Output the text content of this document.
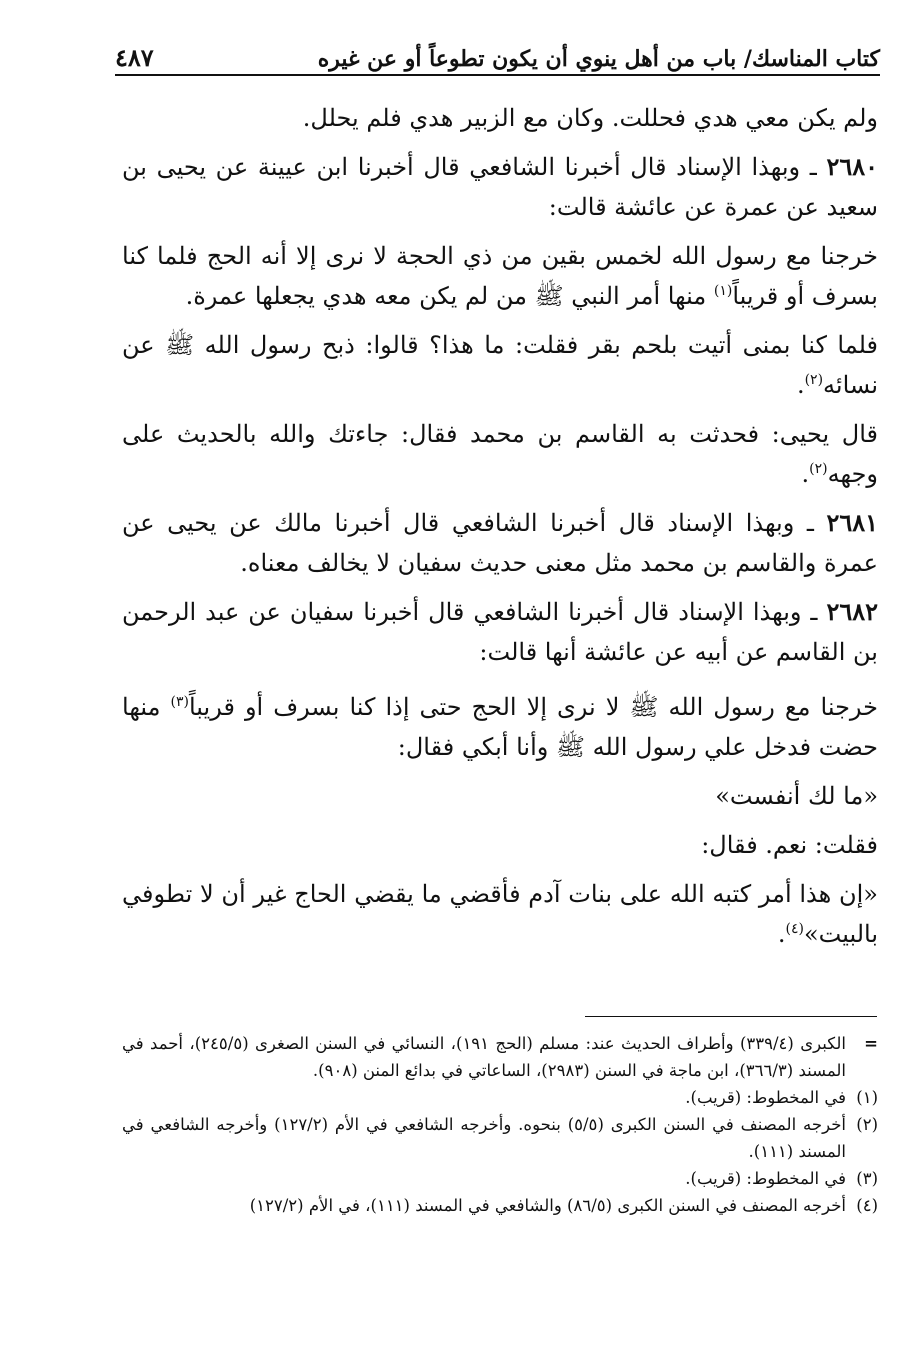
كتاب المناسك/ باب من أهل ينوي أن يكون تطوعاً أو عن غيره
٤٨٧

ولم يكن معي هدي فحللت. وكان مع الزبير هدي فلم يحلل.

٢٦٨٠ ـ وبهذا الإسناد قال أخبرنا الشافعي قال أخبرنا ابن عيينة عن يحيى بن سعيد عن عمرة عن عائشة قالت:

خرجنا مع رسول الله لخمس بقين من ذي الحجة لا نرى إلا أنه الحج فلما كنا بسرف أو قريباً$^{(١)}$ منها أمر النبي ﷺ من لم يكن معه هدي يجعلها عمرة.

فلما كنا بمنى أتيت بلحم بقر فقلت: ما هذا؟ قالوا: ذبح رسول الله ﷺ عن نسائه$^{(٢)}$.

قال يحيى: فحدثت به القاسم بن محمد فقال: جاءتك والله بالحديث على وجهه$^{(٢)}$.

٢٦٨١ ـ وبهذا الإسناد قال أخبرنا الشافعي قال أخبرنا مالك عن يحيى عن عمرة والقاسم بن محمد مثل معنى حديث سفيان لا يخالف معناه.

٢٦٨٢ ـ وبهذا الإسناد قال أخبرنا الشافعي قال أخبرنا سفيان عن عبد الرحمن بن القاسم عن أبيه عن عائشة أنها قالت:

خرجنا مع رسول الله ﷺ لا نرى إلا الحج حتى إذا كنا بسرف أو قريباً$^{(٣)}$ منها حضت فدخل علي رسول الله ﷺ وأنا أبكي فقال:

«ما لك أنفست»

فقلت: نعم. فقال:

«إن هذا أمر كتبه الله على بنات آدم فأقضي ما يقضي الحاج غير أن لا تطوفي بالبيت»$^{(٤)}$.

=
الكبرى (٣٣٩/٤) وأطراف الحديث عند: مسلم (الحج ١٩١)، النسائي في السنن الصغرى (٢٤٥/٥)، أحمد في المسند (٣٦٦/٣)، ابن ماجة في السنن (٢٩٨٣)، الساعاتي في بدائع المنن (٩٠٨).

(١)
في المخطوط: (قريب).

(٢)
أخرجه المصنف في السنن الكبرى (٥/٥) بنحوه. وأخرجه الشافعي في الأم (١٢٧/٢) وأخرجه الشافعي في المسند (١١١).

(٣)
في المخطوط: (قريب).

(٤)
أخرجه المصنف في السنن الكبرى (٨٦/٥) والشافعي في المسند (١١١)، في الأم (١٢٧/٢)
